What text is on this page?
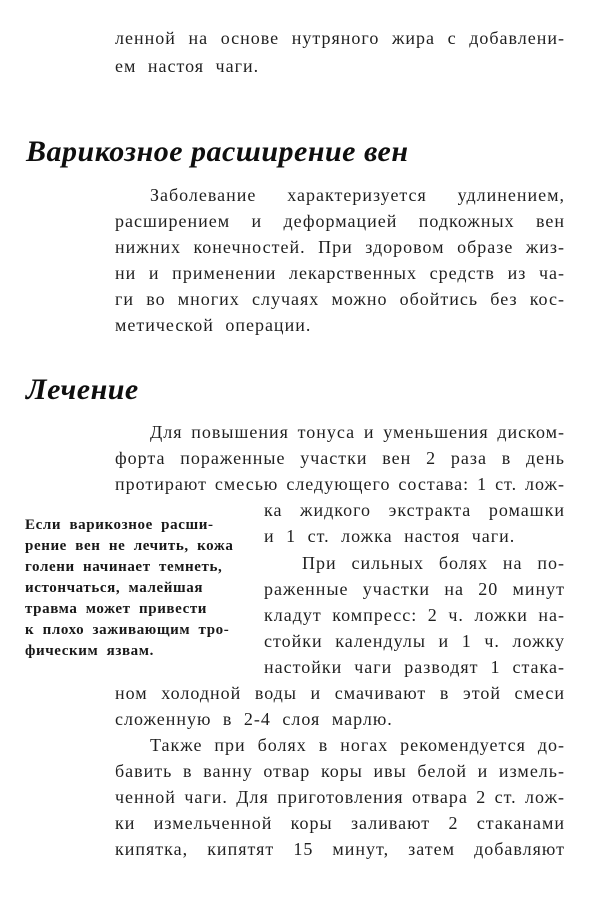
ленной на основе нутряного жира с добавлени-
ем настоя чаги.
Варикозное расширение вен
Заболевание характеризуется удлинением,
расширением и деформацией подкожных вен
нижних конечностей. При здоровом образе жиз-
ни и применении лекарственных средств из ча-
ги во многих случаях можно обойтись без кос-
метической операции.
Лечение
Для повышения тонуса и уменьшения диском-
форта пораженные участки вен 2 раза в день
протирают смесью следующего состава: 1 ст. лож-
ка жидкого экстракта ромашки
и 1 ст. ложка настоя чаги.
Если варикозное расши-
рение вен не лечить, кожа
голени начинает темнеть,
истончаться, малейшая
травма может привести
к плохо заживающим тро-
фическим язвам.
При сильных болях на по-
раженные участки на 20 минут
кладут компресс: 2 ч. ложки на-
стойки календулы и 1 ч. ложку
настойки чаги разводят 1 стака-
ном холодной воды и смачивают в этой смеси
сложенную в 2-4 слоя марлю.
Также при болях в ногах рекомендуется до-
бавить в ванну отвар коры ивы белой и измель-
ченной чаги. Для приготовления отвара 2 ст. лож-
ки измельченной коры заливают 2 стаканами
кипятка, кипятят 15 минут, затем добавляют
